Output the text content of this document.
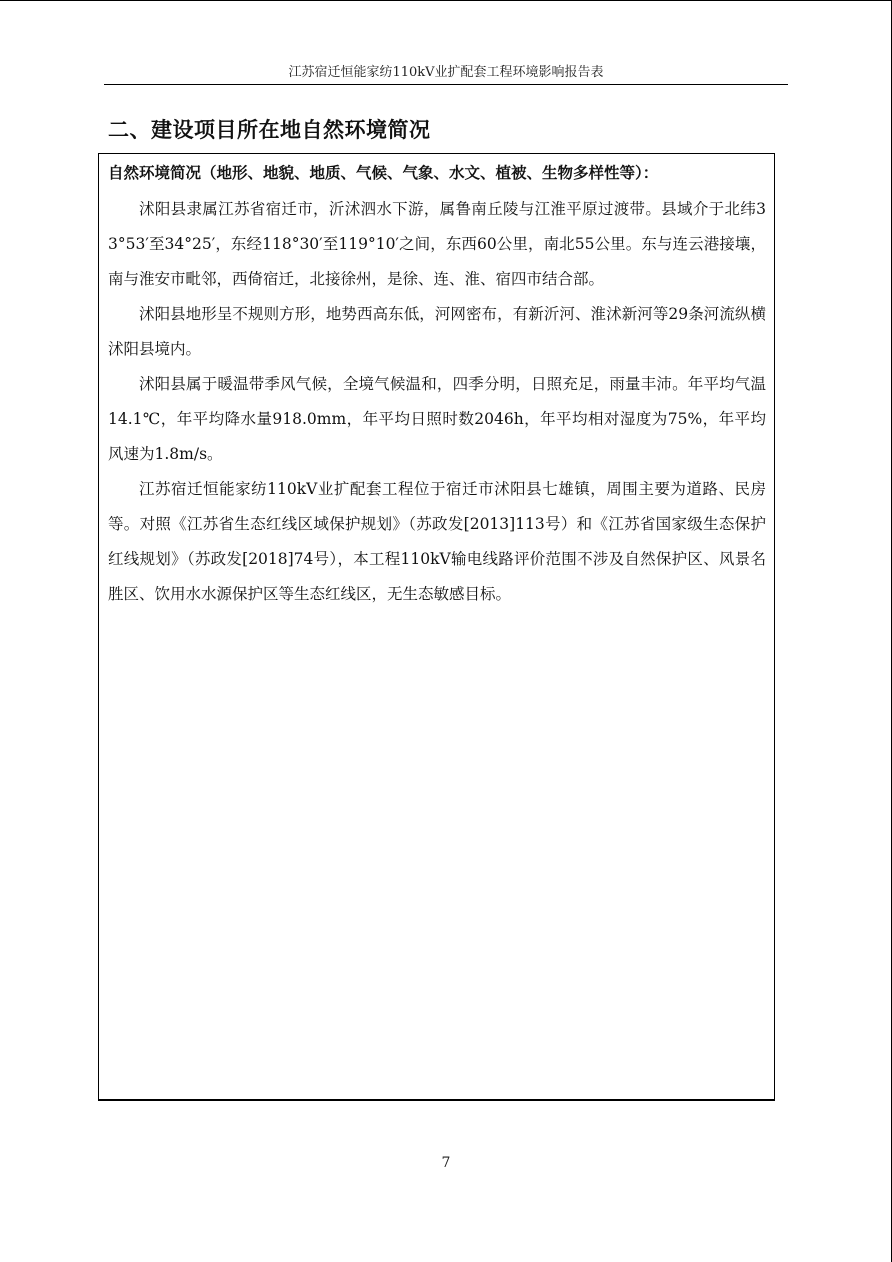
江苏宿迁恒能家纺110kV业扩配套工程环境影响报告表
二、建设项目所在地自然环境简况
自然环境简况（地形、地貌、地质、气候、气象、水文、植被、生物多样性等）：

沭阳县隶属江苏省宿迁市，沂沭泗水下游，属鲁南丘陵与江淮平原过渡带。县域介于北纬33°53′至34°25′，东经118°30′至119°10′之间，东西60公里，南北55公里。东与连云港接壤，南与淮安市毗邻，西倚宿迁，北接徐州，是徐、连、淮、宿四市结合部。

沭阳县地形呈不规则方形，地势西高东低，河网密布，有新沂河、淮沭新河等29条河流纵横沭阳县境内。

沭阳县属于暖温带季风气候，全境气候温和，四季分明，日照充足，雨量丰沛。年平均气温14.1℃，年平均降水量918.0mm，年平均日照时数2046h，年平均相对湿度为75%，年平均风速为1.8m/s。

江苏宿迁恒能家纺110kV业扩配套工程位于宿迁市沭阳县七雄镇，周围主要为道路、民房等。对照《江苏省生态红线区域保护规划》（苏政发[2013]113号）和《江苏省国家级生态保护红线规划》（苏政发[2018]74号），本工程110kV输电线路评价范围不涉及自然保护区、风景名胜区、饮用水水源保护区等生态红线区，无生态敏感目标。

7
